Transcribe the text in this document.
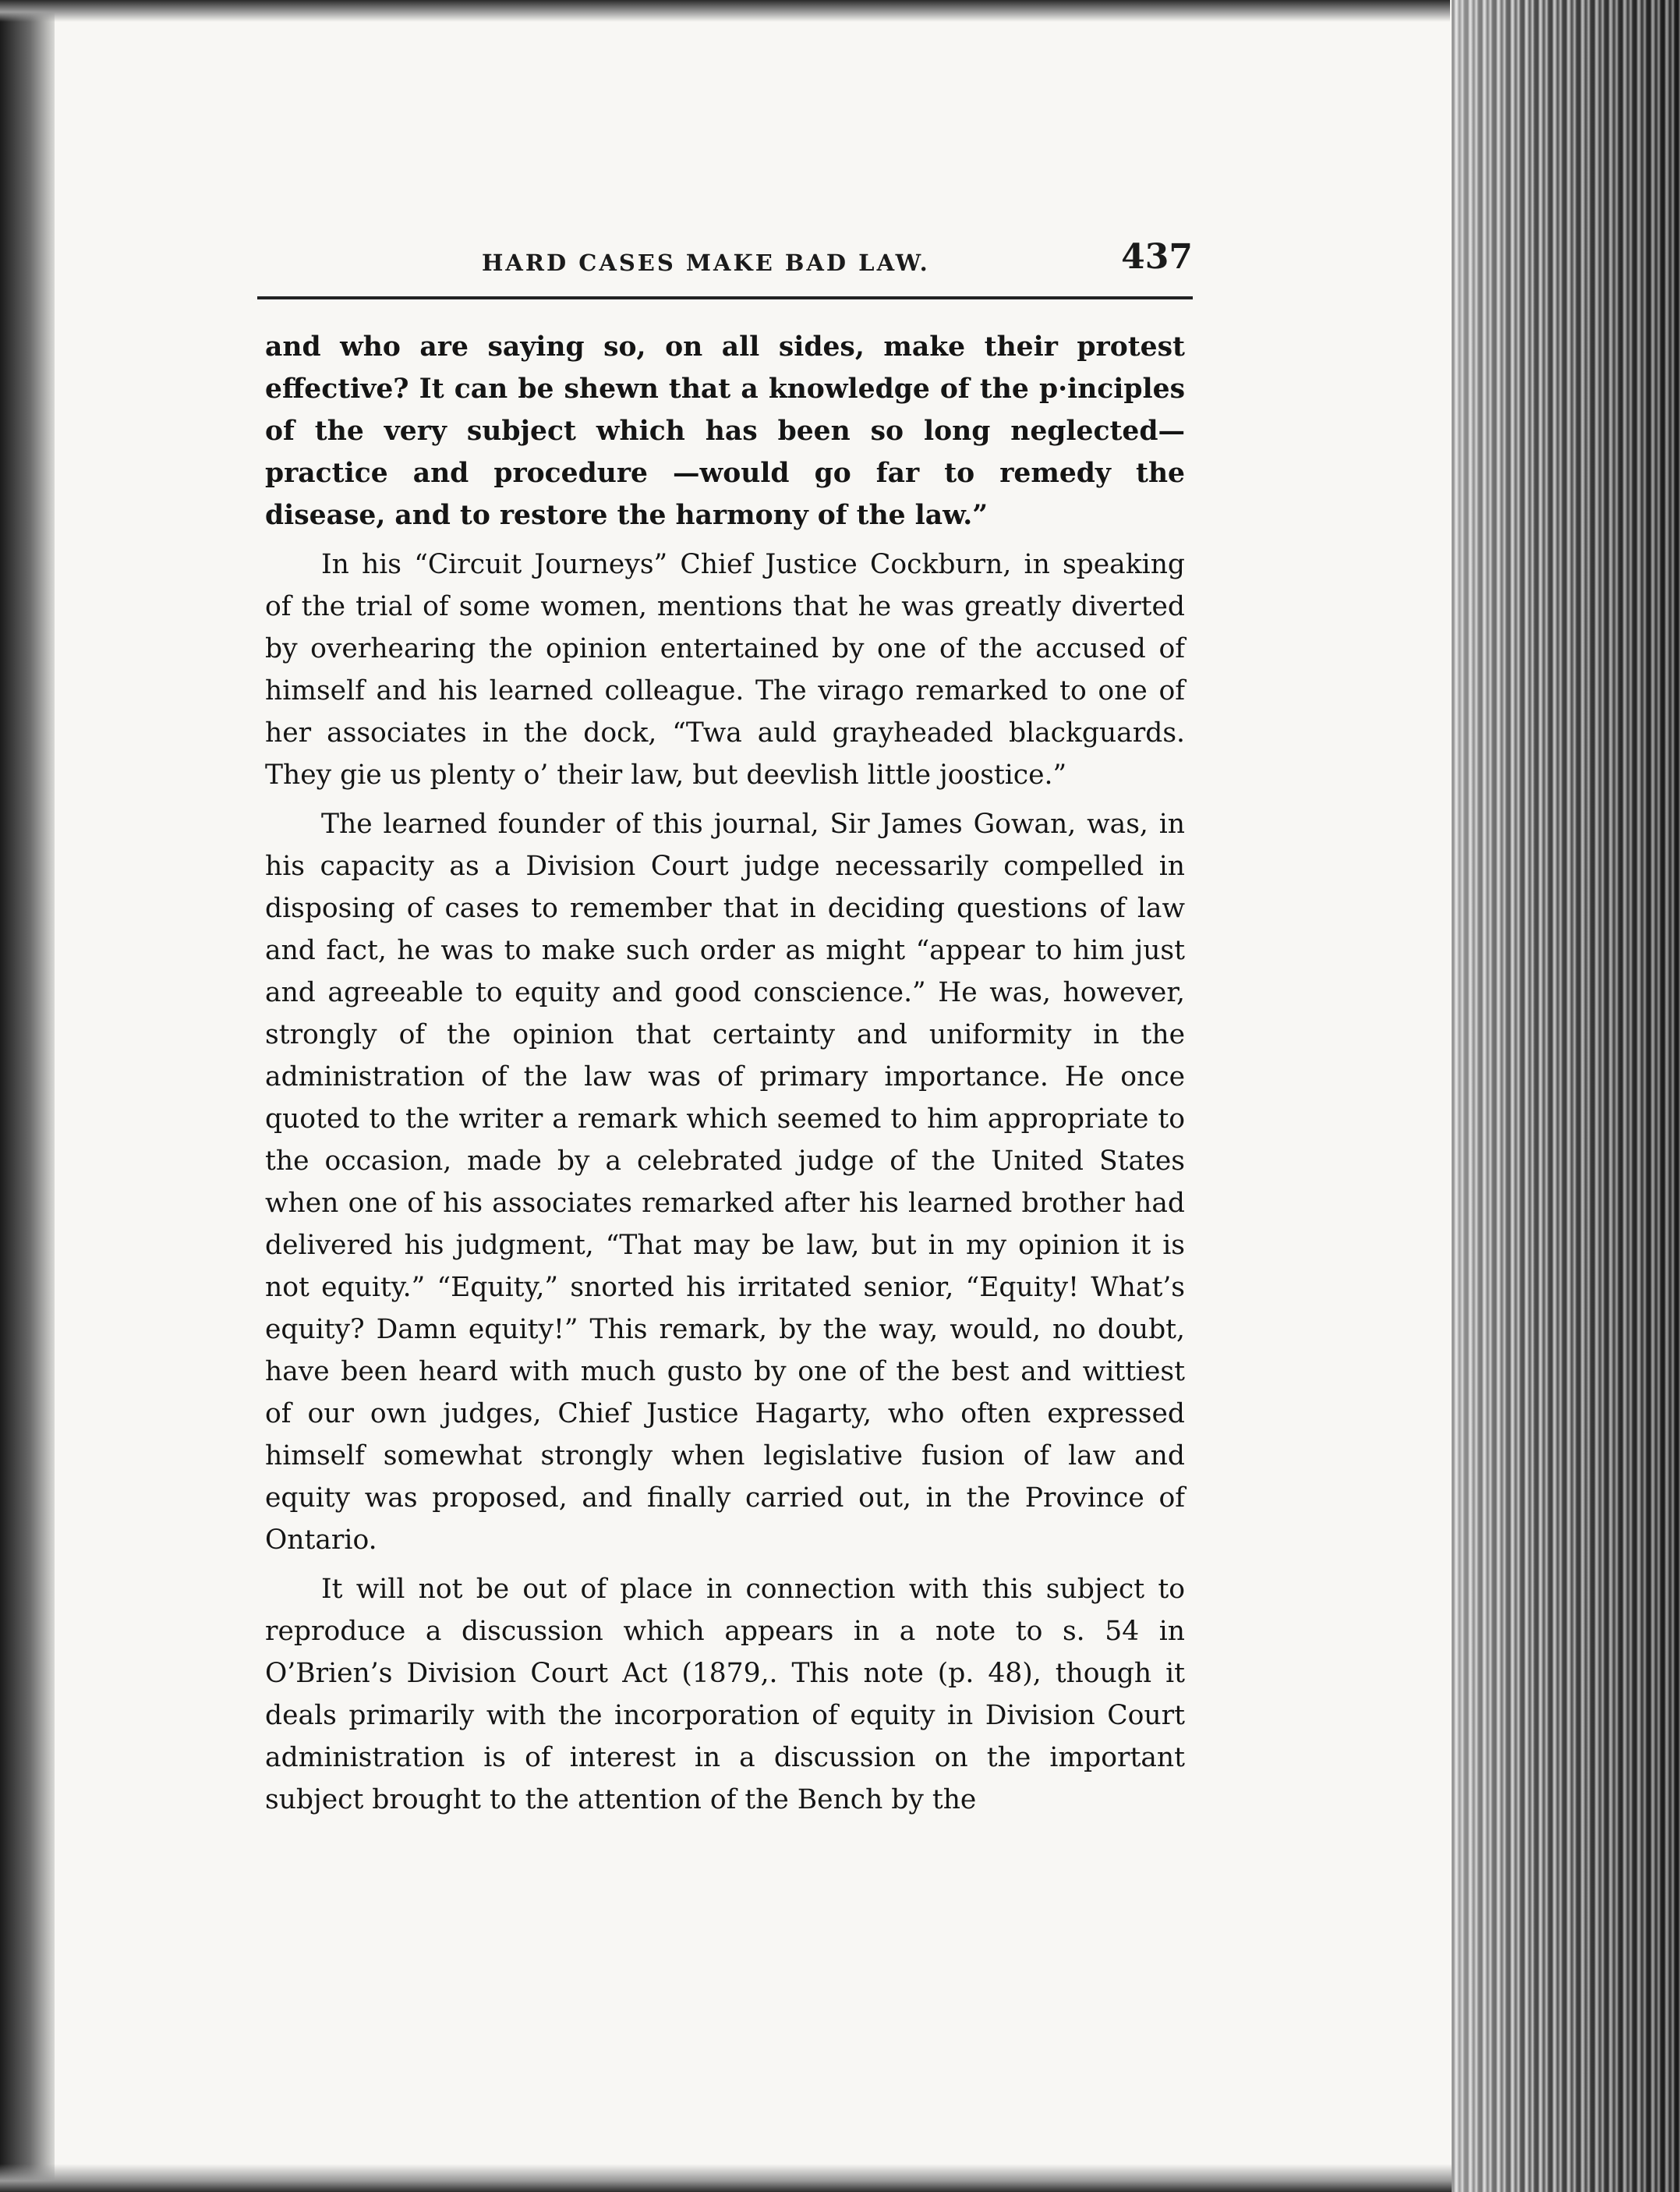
HARD CASES MAKE BAD LAW.	437

and who are saying so, on all sides, make their protest effective? It can be shewn that a knowledge of the p·inciples of the very subject which has been so long neglected—practice and procedure —would go far to remedy the disease, and to restore the harmony of the law.”

In his “Circuit Journeys” Chief Justice Cockburn, in speaking of the trial of some women, mentions that he was greatly diverted by overhearing the opinion entertained by one of the accused of himself and his learned colleague. The virago remarked to one of her associates in the dock, “Twa auld grayheaded blackguards. They gie us plenty o’ their law, but deevlish little joostice.”

The learned founder of this journal, Sir James Gowan, was, in his capacity as a Division Court judge necessarily compelled in disposing of cases to remember that in deciding questions of law and fact, he was to make such order as might “appear to him just and agreeable to equity and good conscience.” He was, however, strongly of the opinion that certainty and uniformity in the administration of the law was of primary importance. He once quoted to the writer a remark which seemed to him appropriate to the occasion, made by a celebrated judge of the United States when one of his associates remarked after his learned brother had delivered his judgment, “That may be law, but in my opinion it is not equity.” “Equity,” snorted his irritated senior, “Equity! What’s equity? Damn equity!” This remark, by the way, would, no doubt, have been heard with much gusto by one of the best and wittiest of our own judges, Chief Justice Hagarty, who often expressed himself somewhat strongly when legislative fusion of law and equity was proposed, and finally carried out, in the Province of Ontario.

It will not be out of place in connection with this subject to reproduce a discussion which appears in a note to s. 54 in O’Brien’s Division Court Act (1879,. This note (p. 48), though it deals primarily with the incorporation of equity in Division Court administration is of interest in a discussion on the important subject brought to the attention of the Bench by the
